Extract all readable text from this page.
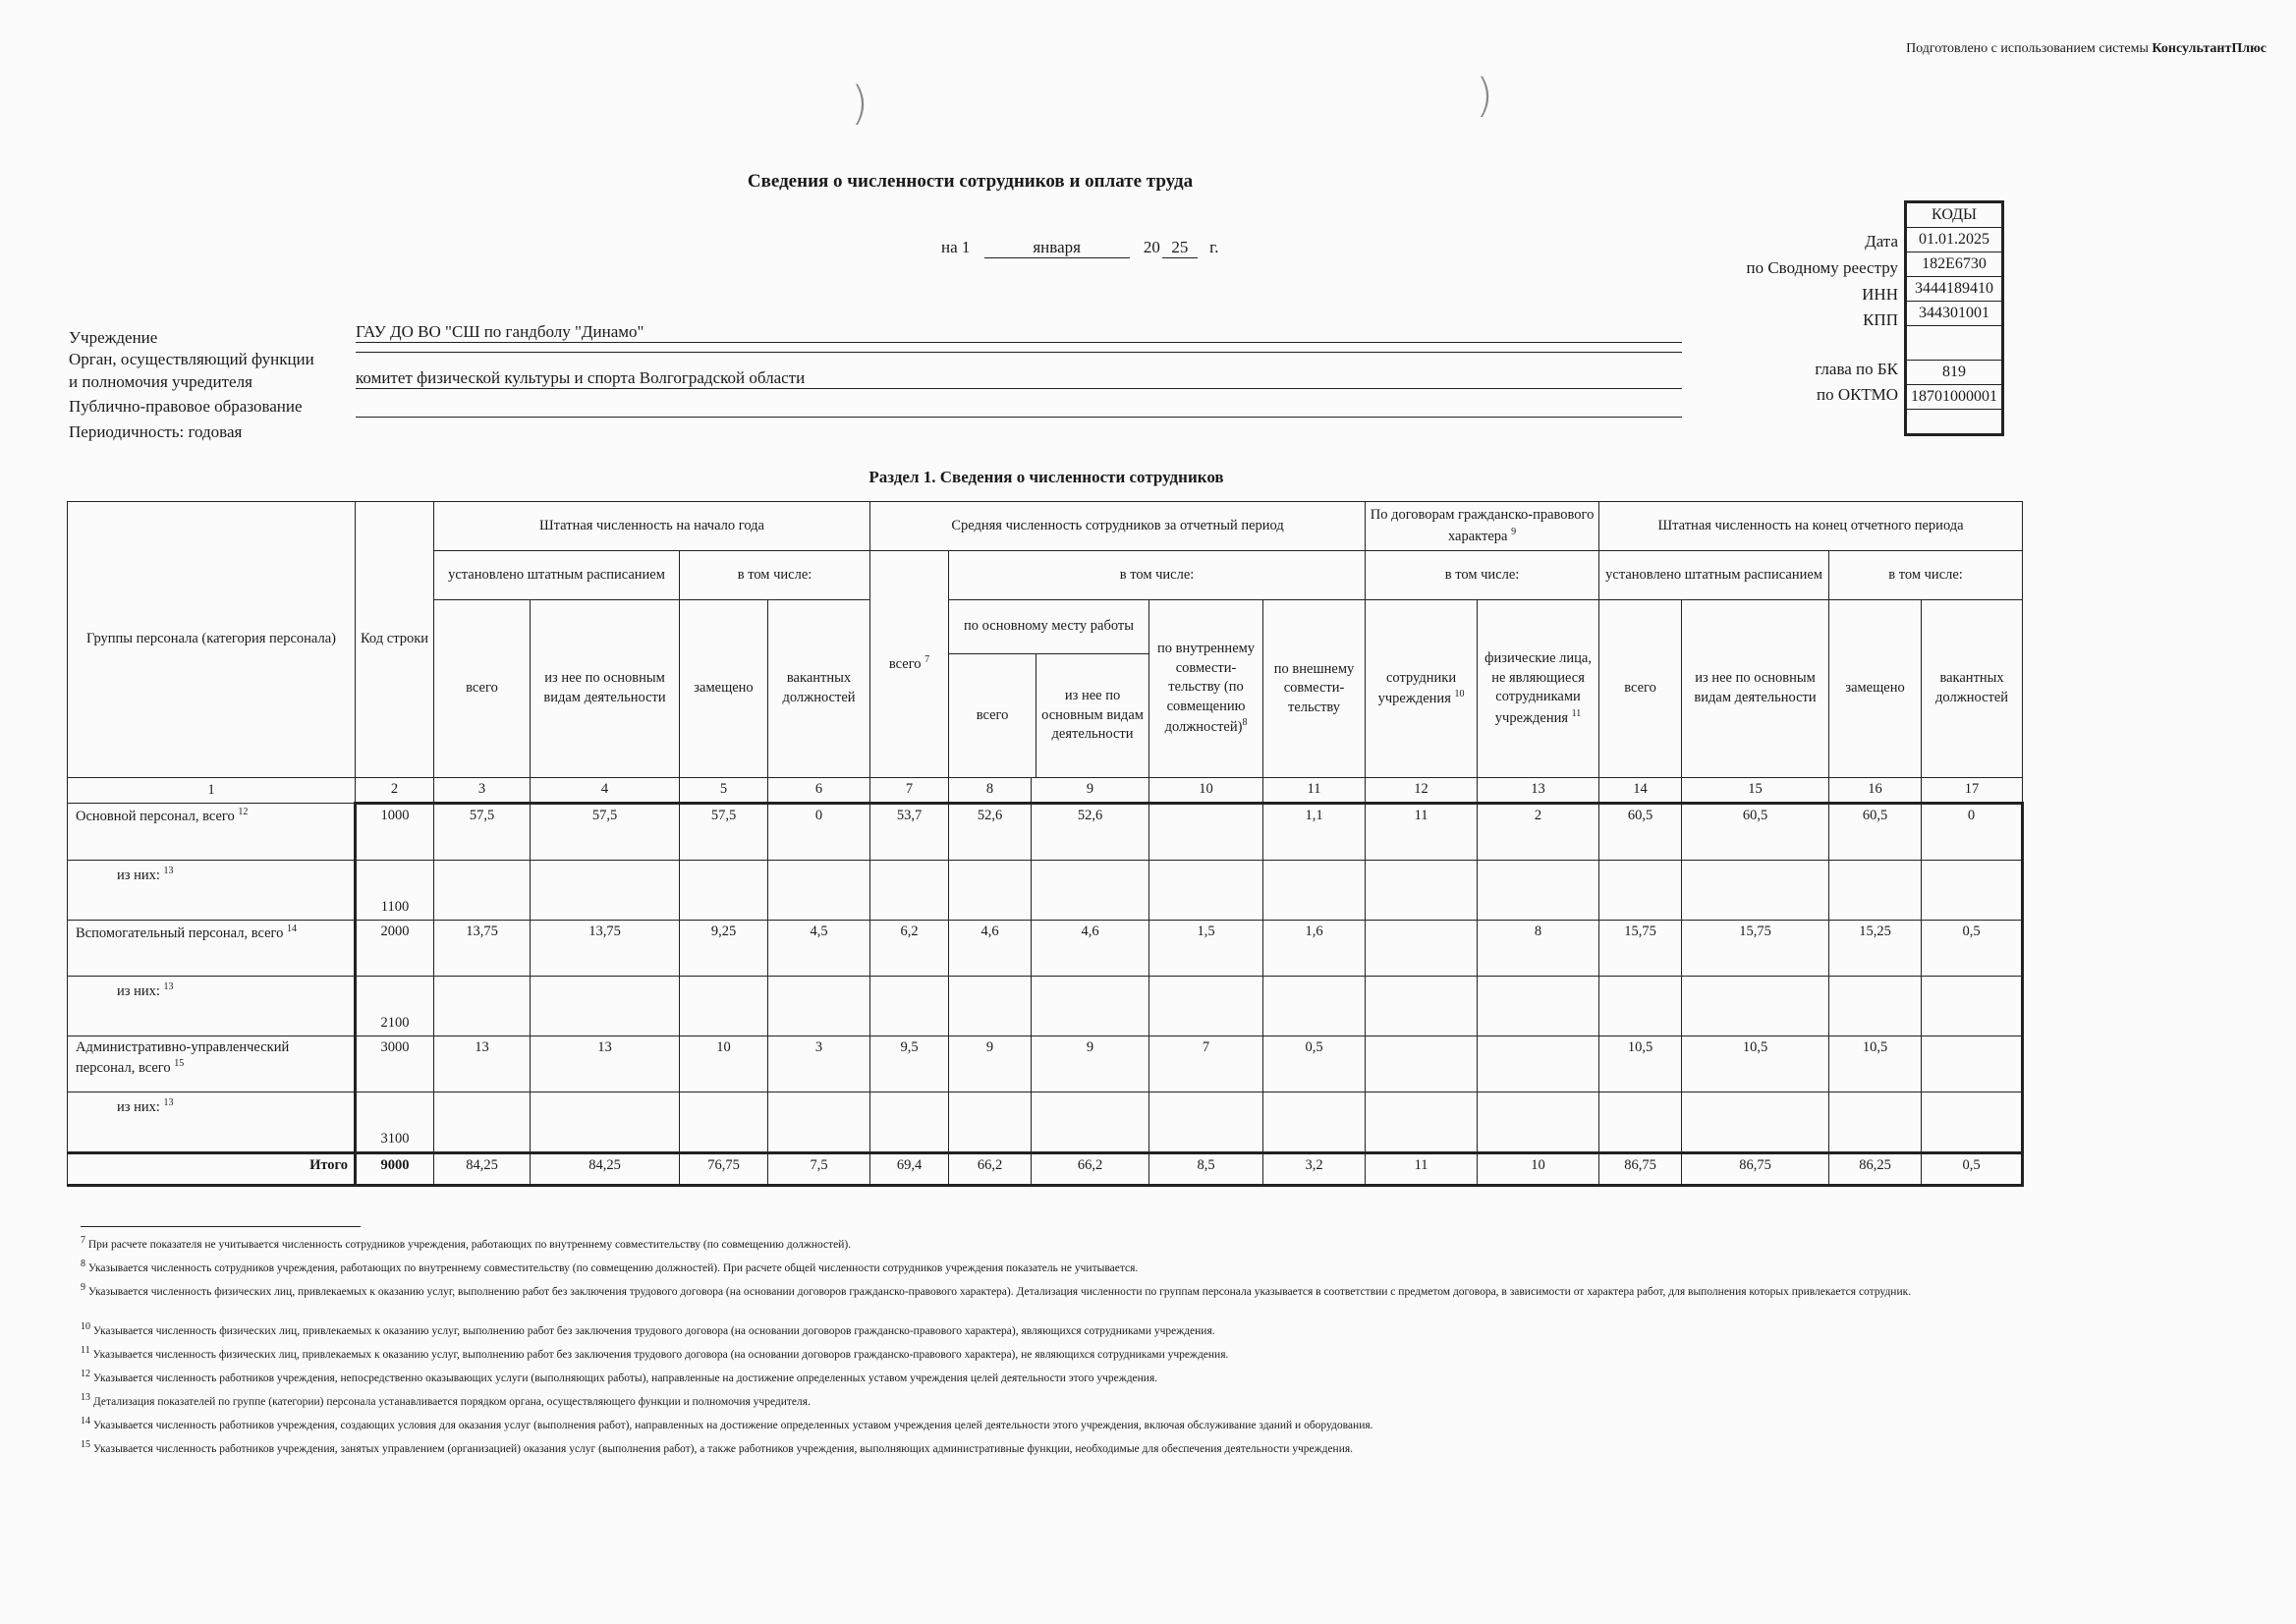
Подготовлено с использованием системы КонсультантПлюс
)	)
Сведения о численности сотрудников и оплате труда
на 1	января	20 25 г.
КОДЫ
01.01.2025
182Е6730
3444189410
344301001

819
18701000001

Дата
по Сводному реестру
ИНН
КПП
глава по БК
по ОКТМО
Учреждение	ГАУ ДО ВО "СШ по гандболу "Динамо"
Орган, осуществляющий функции
и полномочия учредителя	комитет физической культуры и спорта Волгоградской области
Публично-правовое образование
Периодичность: годовая
Раздел 1. Сведения о численности сотрудников
Группы персонала (категория персонала)	Код строки	Штатная численность на начало года	Средняя численность сотрудников за отчетный период	По договорам гражданско-правового характера $^9$	Штатная численность на конец отчетного периода
установлено штатным расписанием	в том числе:	всего $^7$	в том числе:	в том числе:	установлено штатным расписанием	в том числе:
всего	из нее по основным видам деятельности	замещено	вакантных должностей	
по основному месту работы
всего	из нее по основным видам деятельности
	по внутреннему совмести-тельству (по совмещению должностей)$^8$	по внешнему совмести-тельству	сотрудники учреждения $^{10}$	физические лица, не являющиеся сотрудниками учреждения $^{11}$	всего	из нее по основным видам деятельности	замещено	вакантных должностей
1	2	3	4	5	6	7	8	9	10	11	12	13	14	15	16	17
Основной персонал, всего $^{12}$	1000	57,5	57,5	57,5	0	53,7	52,6	52,6		1,1	11	2	60,5	60,5	60,5	0
из них: $^{13}$	1100															
Вспомогательный персонал, всего $^{14}$	2000	13,75	13,75	9,25	4,5	6,2	4,6	4,6	1,5	1,6		8	15,75	15,75	15,25	0,5
из них: $^{13}$	2100															
Административно-управленческий персонал, всего $^{15}$	3000	13	13	10	3	9,5	9	9	7	0,5			10,5	10,5	10,5	
из них: $^{13}$	3100															
Итого	9000	84,25	84,25	76,75	7,5	69,4	66,2	66,2	8,5	3,2	11	10	86,75	86,75	86,25	0,5
$^7$ При расчете показателя не учитывается численность сотрудников учреждения, работающих по внутреннему совместительству (по совмещению должностей).
$^8$ Указывается численность сотрудников учреждения, работающих по внутреннему совместительству (по совмещению должностей). При расчете общей численности сотрудников учреждения показатель не учитывается.
$^9$ Указывается численность физических лиц, привлекаемых к оказанию услуг, выполнению работ без заключения трудового договора (на основании договоров гражданско-правового характера). Детализация численности по группам персонала указывается в соответствии с предметом договора, в зависимости от характера работ, для выполнения которых привлекается сотрудник.
$^{10}$ Указывается численность физических лиц, привлекаемых к оказанию услуг, выполнению работ без заключения трудового договора (на основании договоров гражданско-правового характера), являющихся сотрудниками учреждения.
$^{11}$ Указывается численность физических лиц, привлекаемых к оказанию услуг, выполнению работ без заключения трудового договора (на основании договоров гражданско-правового характера), не являющихся сотрудниками учреждения.
$^{12}$ Указывается численность работников учреждения, непосредственно оказывающих услуги (выполняющих работы), направленные на достижение определенных уставом учреждения целей деятельности этого учреждения.
$^{13}$ Детализация показателей по группе (категории) персонала устанавливается порядком органа, осуществляющего функции и полномочия учредителя.
$^{14}$ Указывается численность работников учреждения, создающих условия для оказания услуг (выполнения работ), направленных на достижение определенных уставом учреждения целей деятельности этого учреждения, включая обслуживание зданий и оборудования.
$^{15}$ Указывается численность работников учреждения, занятых управлением (организацией) оказания услуг (выполнения работ), а также работников учреждения, выполняющих административные функции, необходимые для обеспечения деятельности учреждения.
